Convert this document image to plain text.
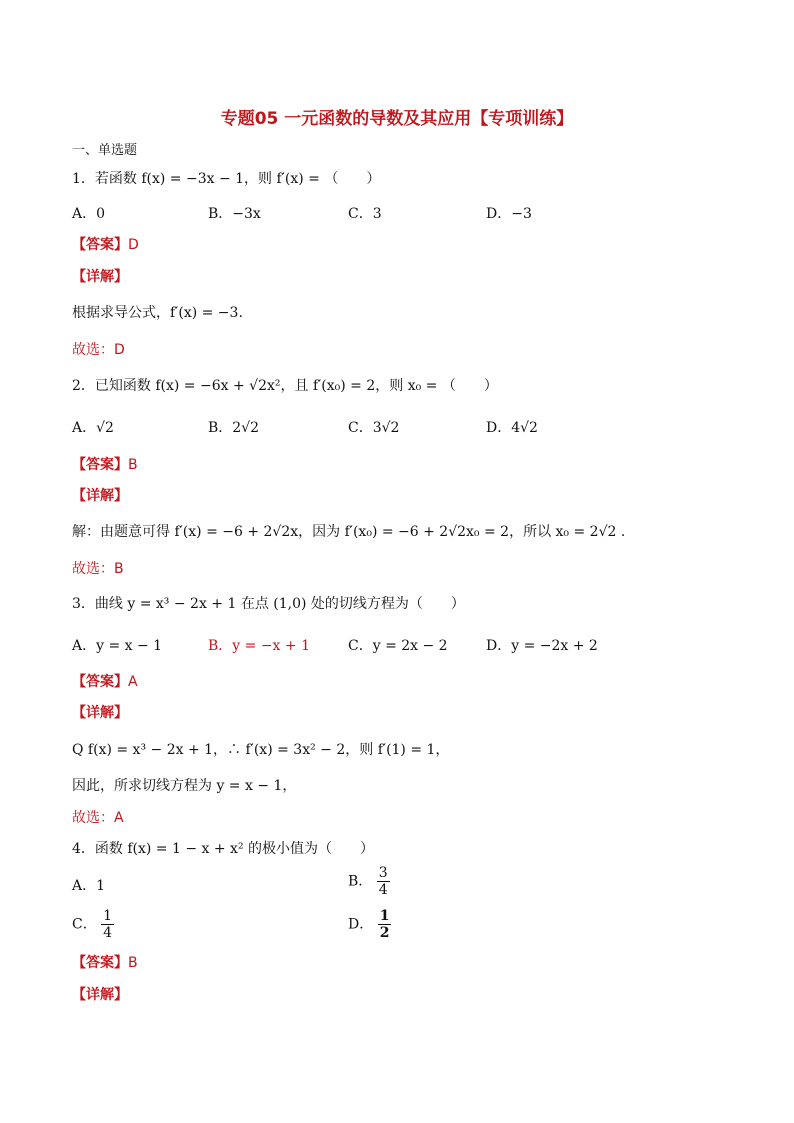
专题05 一元函数的导数及其应用【专项训练】
一、单选题
1．若函数 f(x) = −3x − 1，则 f′(x) = （　　）
A．0	B．−3x	C．3	D．−3
【答案】D
【详解】
根据求导公式，f′(x) = −3.
故选：D
2．已知函数 f(x) = −6x + √2x²，且 f′(x₀) = 2，则 x₀ = （　　）
A．√2	B．2√2	C．3√2	D．4√2
【答案】B
【详解】
解：由题意可得 f′(x) = −6 + 2√2x，因为 f′(x₀) = −6 + 2√2x₀ = 2，所以 x₀ = 2√2 .
故选：B
3．曲线 y = x³ − 2x + 1 在点 (1,0) 处的切线方程为（　　）
A．y = x − 1	B．y = −x + 1	C．y = 2x − 2	D．y = −2x + 2
【答案】A
【详解】
Q f(x) = x³ − 2x + 1，∴ f′(x) = 3x² − 2，则 f′(1) = 1，
因此，所求切线方程为 y = x − 1，
故选：A
4．函数 f(x) = 1 − x + x² 的极小值为（　　）
A．1	B． $\frac{3}{4}$
C． $\frac{1}{4}$	D． $\frac{1}{2}$
【答案】B
【详解】
